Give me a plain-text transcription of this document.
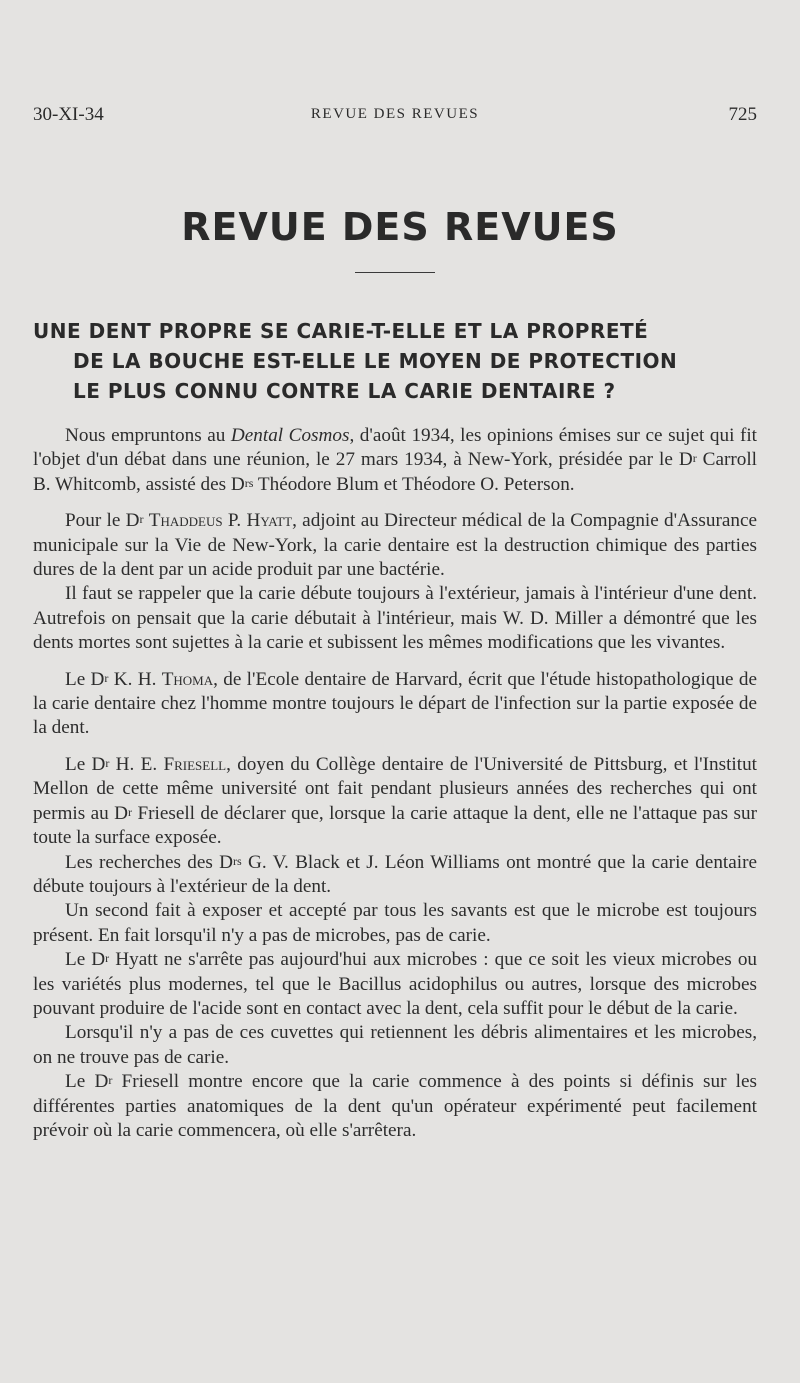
30-XI-34	REVUE DES REVUES	725
REVUE DES REVUES
UNE DENT PROPRE SE CARIE-T-ELLE ET LA PROPRETÉ
DE LA BOUCHE EST-ELLE LE MOYEN DE PROTECTION
LE PLUS CONNU CONTRE LA CARIE DENTAIRE ?

Nous empruntons au Dental Cosmos, d'août 1934, les opinions émises sur ce sujet qui fit l'objet d'un débat dans une réunion, le 27 mars 1934, à New-York, présidée par le $D^r$ Carroll B. Whitcomb, assisté des $D^{rs}$ Théodore Blum et Théodore O. Peterson.

Pour le $D^r$ Thaddeus P. Hyatt, adjoint au Directeur médical de la Compagnie d'Assurance municipale sur la Vie de New-York, la carie dentaire est la destruction chimique des parties dures de la dent par un acide produit par une bactérie.

Il faut se rappeler que la carie débute toujours à l'extérieur, jamais à l'intérieur d'une dent. Autrefois on pensait que la carie débutait à l'intérieur, mais W. D. Miller a démontré que les dents mortes sont sujettes à la carie et subissent les mêmes modifications que les vivantes.

Le $D^r$ K. H. Thoma, de l'Ecole dentaire de Harvard, écrit que l'étude histopathologique de la carie dentaire chez l'homme montre toujours le départ de l'infection sur la partie exposée de la dent.

Le $D^r$ H. E. Friesell, doyen du Collège dentaire de l'Université de Pittsburg, et l'Institut Mellon de cette même université ont fait pendant plusieurs années des recherches qui ont permis au $D^r$ Friesell de déclarer que, lorsque la carie attaque la dent, elle ne l'attaque pas sur toute la surface exposée.

Les recherches des $D^{rs}$ G. V. Black et J. Léon Williams ont montré que la carie dentaire débute toujours à l'extérieur de la dent.

Un second fait à exposer et accepté par tous les savants est que le microbe est toujours présent. En fait lorsqu'il n'y a pas de microbes, pas de carie.

Le $D^r$ Hyatt ne s'arrête pas aujourd'hui aux microbes : que ce soit les vieux microbes ou les variétés plus modernes, tel que le Bacillus acidophilus ou autres, lorsque des microbes pouvant produire de l'acide sont en contact avec la dent, cela suffit pour le début de la carie.

Lorsqu'il n'y a pas de ces cuvettes qui retiennent les débris alimentaires et les microbes, on ne trouve pas de carie.

Le $D^r$ Friesell montre encore que la carie commence à des points si définis sur les différentes parties anatomiques de la dent qu'un opérateur expérimenté peut facilement prévoir où la carie commencera, où elle s'arrêtera.
